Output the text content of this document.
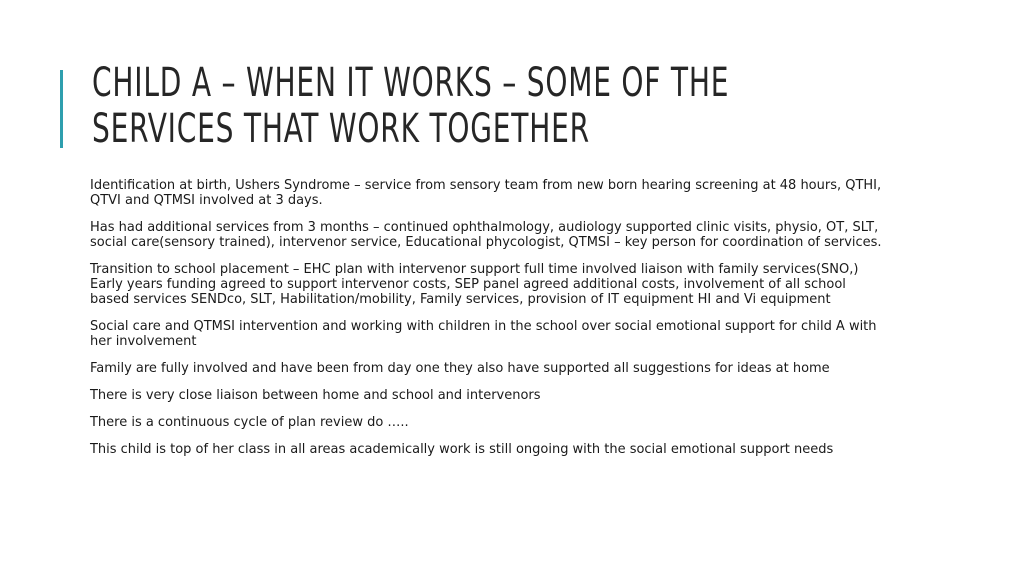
CHILD A – WHEN IT WORKS – SOME OF THE
SERVICES THAT WORK TOGETHER

Identification at birth, Ushers Syndrome – service from sensory team from new born hearing screening at 48 hours, QTHI, QTVI and QTMSI involved at 3 days.

Has had additional services from 3 months – continued ophthalmology, audiology supported clinic visits, physio, OT, SLT, social care(sensory trained), intervenor service, Educational phycologist, QTMSI – key person for coordination of services.

Transition to school placement – EHC plan with intervenor support full time involved liaison with family services(SNO,) Early years funding agreed to support intervenor costs, SEP panel agreed additional costs, involvement of all school based services SENDco, SLT, Habilitation/mobility, Family services, provision of IT equipment HI and Vi equipment

Social care and QTMSI intervention and working with children in the school over social emotional support for child A with her involvement

Family are fully involved and have been from day one they also have supported all suggestions for ideas at home

There is very close liaison between home and school and intervenors

There is a continuous cycle of plan review do …..

This child is top of her class in all areas academically work is still ongoing with the social emotional support needs
